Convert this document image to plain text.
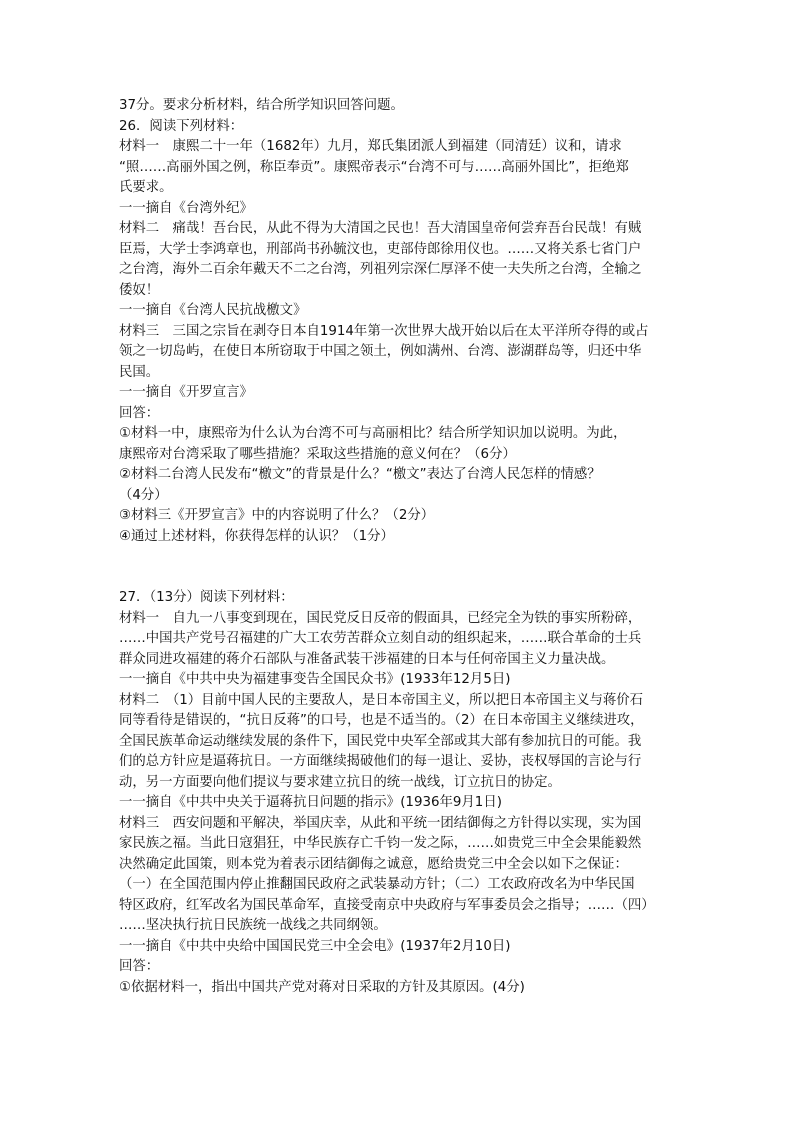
37分。要求分析材料，结合所学知识回答问题。
26．阅读下列材料：
材料一　康熙二十一年（1682年）九月，郑氏集团派人到福建（同清廷）议和，请求
“照……高丽外国之例，称臣奉贡”。康熙帝表示“台湾不可与……高丽外国比”，拒绝郑
氏要求。
一一摘自《台湾外纪》
材料二　痛哉！吾台民，从此不得为大清国之民也！吾大清国皇帝何尝弃吾台民哉！有贼
臣焉，大学士李鸿章也，刑部尚书孙毓汶也，吏部侍郎徐用仪也。……又将关系七省门户
之台湾，海外二百余年戴天不二之台湾，列祖列宗深仁厚泽不使一夫失所之台湾，全输之
倭奴！
一一摘自《台湾人民抗战檄文》
材料三　三国之宗旨在剥夺日本自1914年第一次世界大战开始以后在太平洋所夺得的或占
领之一切岛屿，在使日本所窃取于中国之领土，例如满州、台湾、澎湖群岛等，归还中华
民国。
一一摘自《开罗宣言》
回答：
①材料一中，康熙帝为什么认为台湾不可与高丽相比？结合所学知识加以说明。为此，
康熙帝对台湾采取了哪些措施？采取这些措施的意义何在？（6分）
②材料二台湾人民发布“檄文”的背景是什么？“檄文”表达了台湾人民怎样的情感？
（4分）
③材料三《开罗宣言》中的内容说明了什么？（2分）
④通过上述材料，你获得怎样的认识？（1分）
27．（13分）阅读下列材料：
材料一　自九一八事变到现在，国民党反日反帝的假面具，已经完全为铁的事实所粉碎，
……中国共产党号召福建的广大工农劳苦群众立刻自动的组织起来，……联合革命的士兵
群众同进攻福建的蒋介石部队与准备武装干涉福建的日本与任何帝国主义力量决战。
一一摘自《中共中央为福建事变告全国民众书》(1933年12月5日)
材料二　（1）目前中国人民的主要敌人，是日本帝国主义，所以把日本帝国主义与蒋价石
同等看待是错误的，“抗日反蒋”的口号，也是不适当的。（2）在日本帝国主义继续进攻，
全国民族革命运动继续发展的条件下，国民党中央军全部或其大部有参加抗日的可能。我
们的总方针应是逼蒋抗日。一方面继续揭破他们的每一退让、妥协，丧权辱国的言论与行
动，另一方面要向他们提议与要求建立抗日的统一战线，订立抗日的协定。
一一摘自《中共中央关于逼蒋抗日问题的指示》(1936年9月1日)
材料三　西安问题和平解决，举国庆幸，从此和平统一团结御侮之方针得以实现，实为国
家民族之福。当此日寇猖狂，中华民族存亡千钧一发之际，……如贵党三中全会果能毅然
决然确定此国策，则本党为着表示团结御侮之诚意，愿给贵党三中全会以如下之保证：
（一）在全国范围内停止推翻国民政府之武装暴动方针；（二）工农政府改名为中华民国
特区政府，红军改名为国民革命军，直接受南京中央政府与军事委员会之指导；……（四）
……坚决执行抗日民族统一战线之共同纲领。
一一摘自《中共中央给中国国民党三中全会电》(1937年2月10日)
回答：
①依据材料一，指出中国共产党对蒋对日采取的方针及其原因。(4分)
